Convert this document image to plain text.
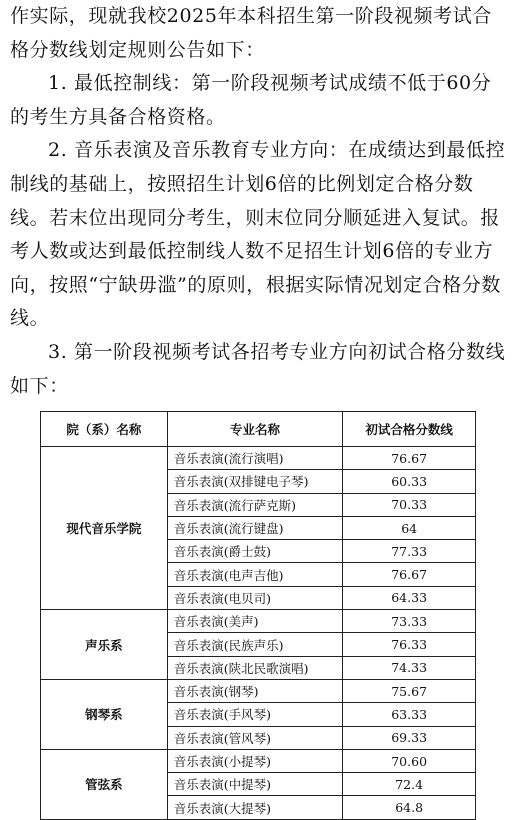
作实际，现就我校2025年本科招生第一阶段视频考试合格分数线划定规则公告如下：

1. 最低控制线：第一阶段视频考试成绩不低于60分的考生方具备合格资格。

2. 音乐表演及音乐教育专业方向：在成绩达到最低控制线的基础上，按照招生计划6倍的比例划定合格分数线。若末位出现同分考生，则末位同分顺延进入复试。报考人数或达到最低控制线人数不足招生计划6倍的专业方向，按照“宁缺毋滥”的原则，根据实际情况划定合格分数线。

3. 第一阶段视频考试各招考专业方向初试合格分数线如下：

院（系）名称	专业名称	初试合格分数线
现代音乐学院	音乐表演(流行演唱)	76.67
	音乐表演(双排键电子琴)	60.33
	音乐表演(流行萨克斯)	70.33
	音乐表演(流行键盘)	64
	音乐表演(爵士鼓)	77.33
	音乐表演(电声吉他)	76.67
	音乐表演(电贝司)	64.33
声乐系	音乐表演(美声)	73.33
	音乐表演(民族声乐)	76.33
	音乐表演(陕北民歌演唱)	74.33
钢琴系	音乐表演(钢琴)	75.67
	音乐表演(手风琴)	63.33
	音乐表演(管风琴)	69.33
管弦系	音乐表演(小提琴)	70.60
	音乐表演(中提琴)	72.4
	音乐表演(大提琴)	64.8
